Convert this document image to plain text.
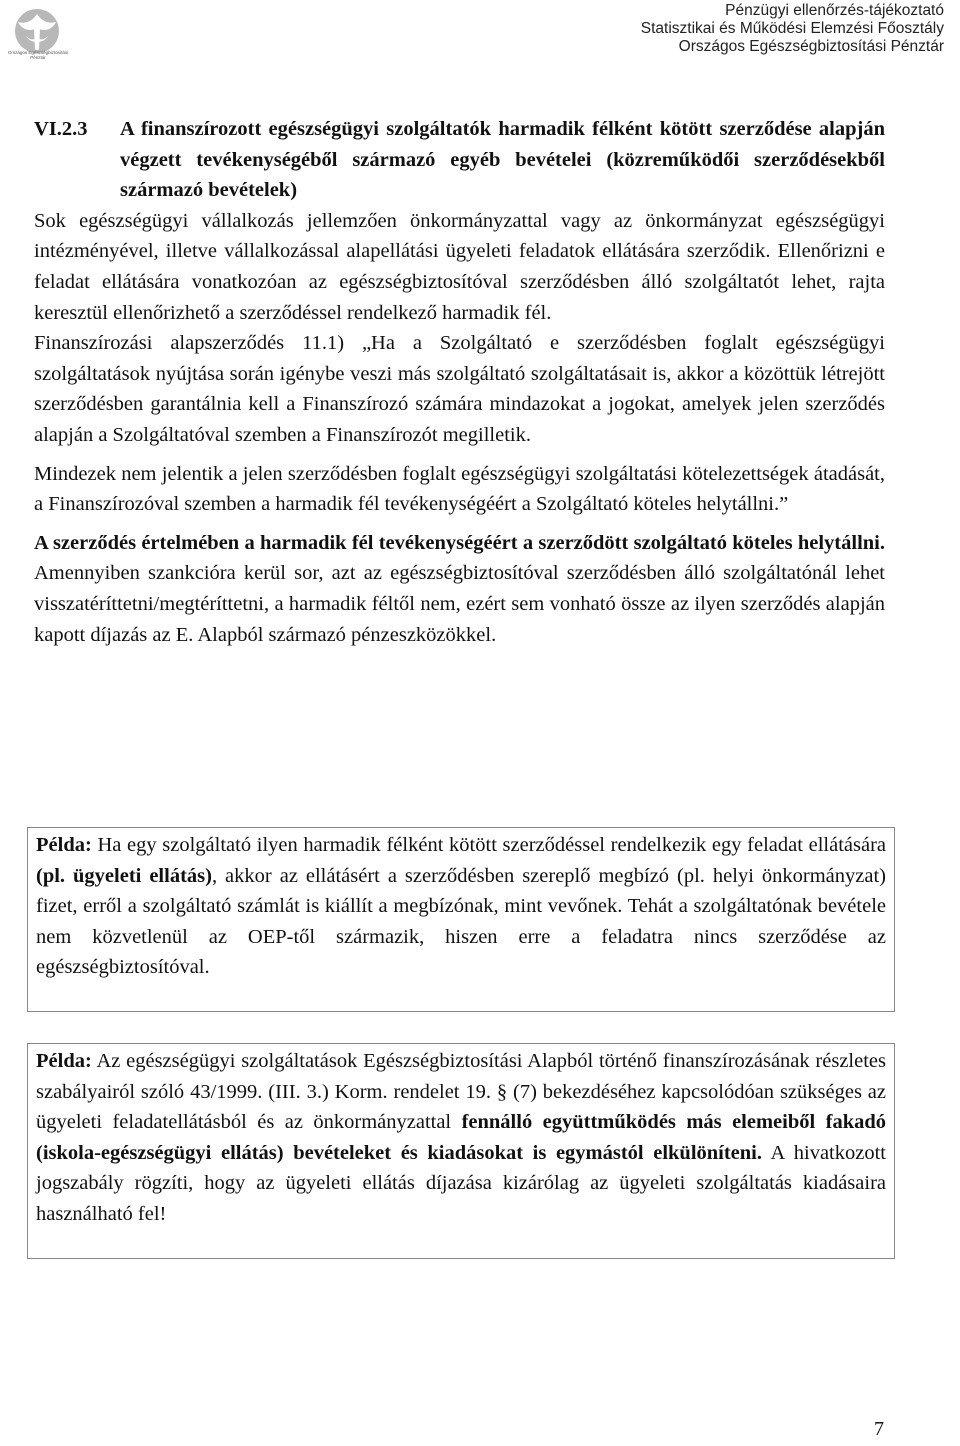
Országos Egészségbiztosítási Pénztár
Pénzügyi ellenőrzés-tájékoztató
Statisztikai és Működési Elemzési Főosztály
Országos Egészségbiztosítási Pénztár
VI.2.3 A finanszírozott egészségügyi szolgáltatók harmadik félként kötött szerződése alapján végzett tevékenységéből származó egyéb bevételei (közreműködői szerződésekből származó bevételek)

Sok egészségügyi vállalkozás jellemzően önkormányzattal vagy az önkormányzat egészségügyi intézményével, illetve vállalkozással alapellátási ügyeleti feladatok ellátására szerződik. Ellenőrizni e feladat ellátására vonatkozóan az egészségbiztosítóval szerződésben álló szolgáltatót lehet, rajta keresztül ellenőrizhető a szerződéssel rendelkező harmadik fél.

Finanszírozási alapszerződés 11.1) „Ha a Szolgáltató e szerződésben foglalt egészségügyi szolgáltatások nyújtása során igénybe veszi más szolgáltató szolgáltatásait is, akkor a közöttük létrejött szerződésben garantálnia kell a Finanszírozó számára mindazokat a jogokat, amelyek jelen szerződés alapján a Szolgáltatóval szemben a Finanszírozót megilletik.

Mindezek nem jelentik a jelen szerződésben foglalt egészségügyi szolgáltatási kötelezettségek átadását, a Finanszírozóval szemben a harmadik fél tevékenységéért a Szolgáltató köteles helytállni.”

A szerződés értelmében a harmadik fél tevékenységéért a szerződött szolgáltató köteles helytállni. Amennyiben szankcióra kerül sor, azt az egészségbiztosítóval szerződésben álló szolgáltatónál lehet visszatéríttetni/megtéríttetni, a harmadik féltől nem, ezért sem vonható össze az ilyen szerződés alapján kapott díjazás az E. Alapból származó pénzeszközökkel.

Példa: Ha egy szolgáltató ilyen harmadik félként kötött szerződéssel rendelkezik egy feladat ellátására (pl. ügyeleti ellátás), akkor az ellátásért a szerződésben szereplő megbízó (pl. helyi önkormányzat) fizet, erről a szolgáltató számlát is kiállít a megbízónak, mint vevőnek. Tehát a szolgáltatónak bevétele nem közvetlenül az OEP-től származik, hiszen erre a feladatra nincs szerződése az egészségbiztosítóval.
Példa: Az egészségügyi szolgáltatások Egészségbiztosítási Alapból történő finanszírozásának részletes szabályairól szóló 43/1999. (III. 3.) Korm. rendelet 19. § (7) bekezdéséhez kapcsolódóan szükséges az ügyeleti feladatellátásból és az önkormányzattal fennálló együttműködés más elemeiből fakadó (iskola-egészségügyi ellátás) bevételeket és kiadásokat is egymástól elkülöníteni. A hivatkozott jogszabály rögzíti, hogy az ügyeleti ellátás díjazása kizárólag az ügyeleti szolgáltatás kiadásaira használható fel!
7
